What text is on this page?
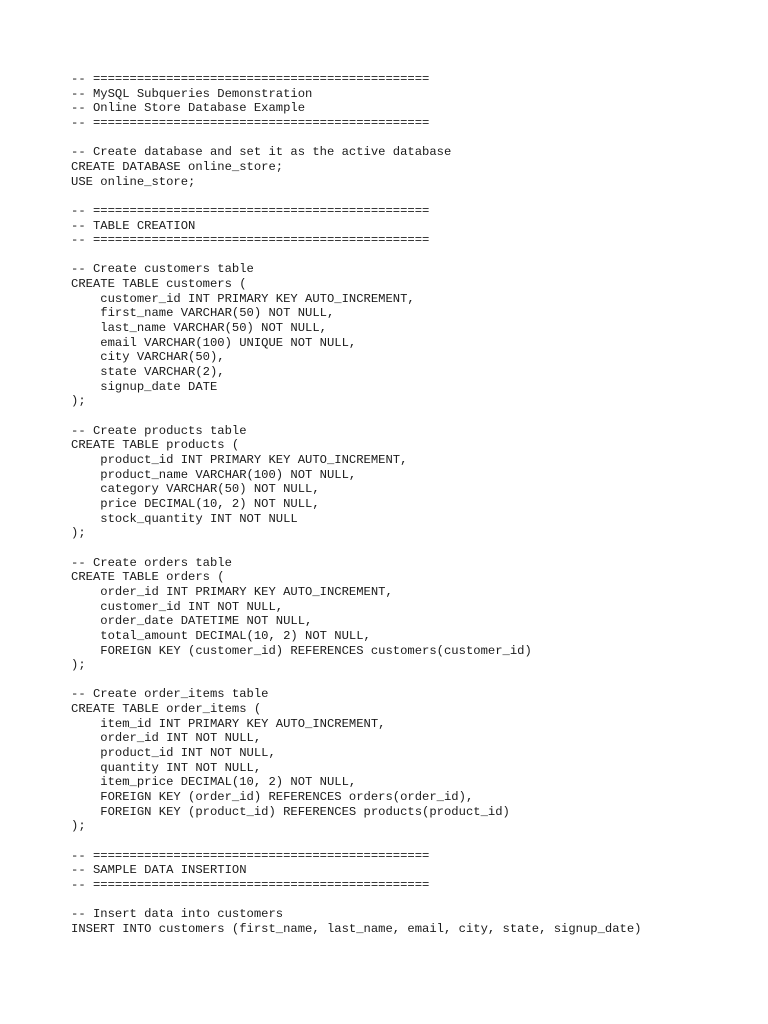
-- ==============================================
-- MySQL Subqueries Demonstration
-- Online Store Database Example
-- ==============================================
-- Create database and set it as the active database
CREATE DATABASE online_store;
USE online_store;
-- ==============================================
-- TABLE CREATION
-- ==============================================
-- Create customers table
CREATE TABLE customers (
customer_id INT PRIMARY KEY AUTO_INCREMENT,
first_name VARCHAR(50) NOT NULL,
last_name VARCHAR(50) NOT NULL,
email VARCHAR(100) UNIQUE NOT NULL,
city VARCHAR(50),
state VARCHAR(2),
signup_date DATE
);
-- Create products table
CREATE TABLE products (
product_id INT PRIMARY KEY AUTO_INCREMENT,
product_name VARCHAR(100) NOT NULL,
category VARCHAR(50) NOT NULL,
price DECIMAL(10, 2) NOT NULL,
stock_quantity INT NOT NULL
);
-- Create orders table
CREATE TABLE orders (
order_id INT PRIMARY KEY AUTO_INCREMENT,
customer_id INT NOT NULL,
order_date DATETIME NOT NULL,
total_amount DECIMAL(10, 2) NOT NULL,
FOREIGN KEY (customer_id) REFERENCES customers(customer_id)
);
-- Create order_items table
CREATE TABLE order_items (
item_id INT PRIMARY KEY AUTO_INCREMENT,
order_id INT NOT NULL,
product_id INT NOT NULL,
quantity INT NOT NULL,
item_price DECIMAL(10, 2) NOT NULL,
FOREIGN KEY (order_id) REFERENCES orders(order_id),
FOREIGN KEY (product_id) REFERENCES products(product_id)
);
-- ==============================================
-- SAMPLE DATA INSERTION
-- ==============================================
-- Insert data into customers
INSERT INTO customers (first_name, last_name, email, city, state, signup_date)
